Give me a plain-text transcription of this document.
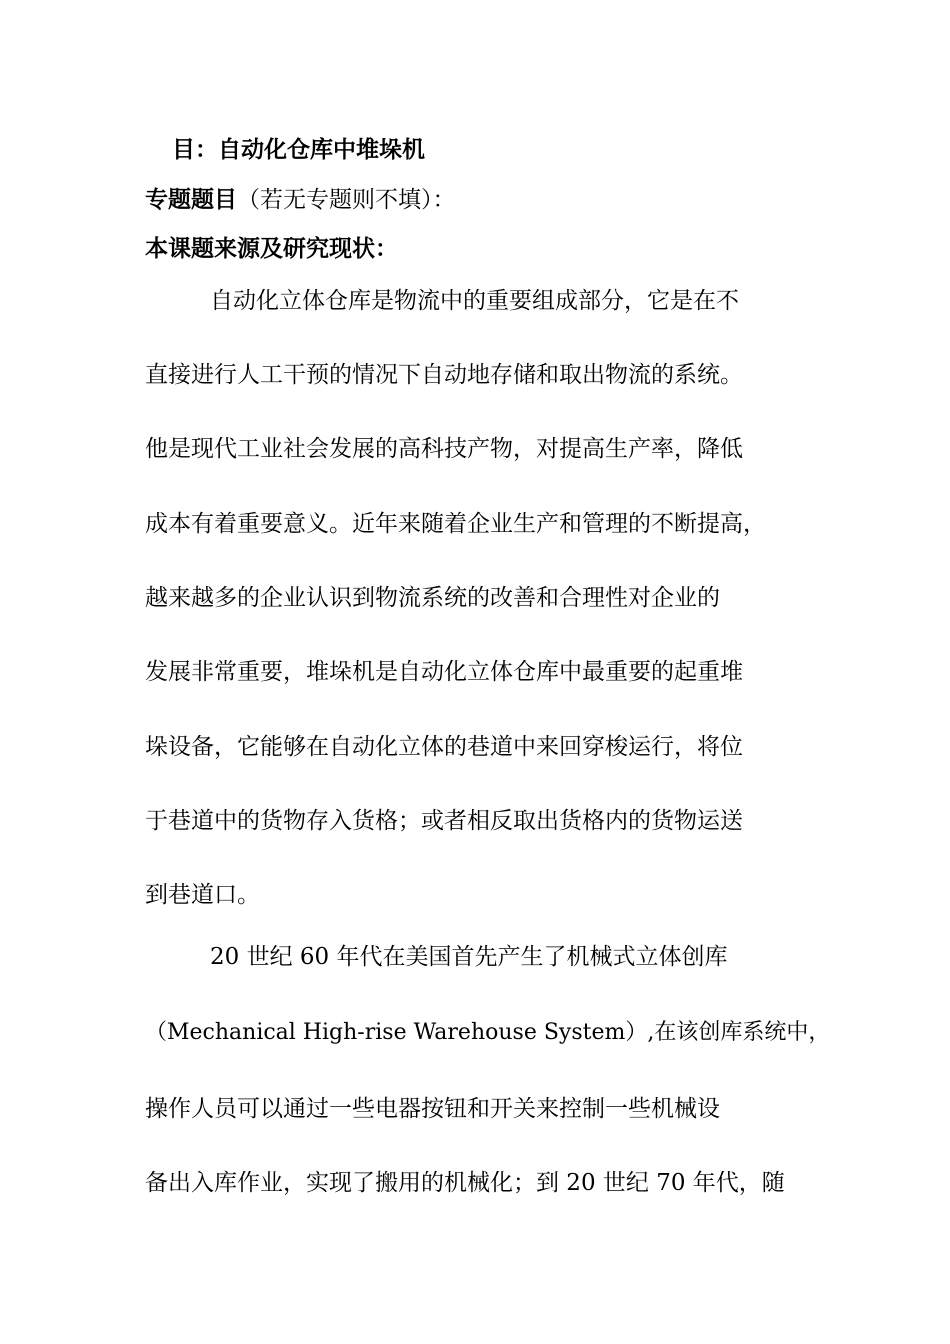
目：自动化仓库中堆垛机
专题题目（若无专题则不填）：
本课题来源及研究现状：
自动化立体仓库是物流中的重要组成部分，它是在不
直接进行人工干预的情况下自动地存储和取出物流的系统。
他是现代工业社会发展的高科技产物，对提高生产率，降低
成本有着重要意义。近年来随着企业生产和管理的不断提高，
越来越多的企业认识到物流系统的改善和合理性对企业的
发展非常重要，堆垛机是自动化立体仓库中最重要的起重堆
垛设备，它能够在自动化立体的巷道中来回穿梭运行，将位
于巷道中的货物存入货格；或者相反取出货格内的货物运送
到巷道口。
20 世纪 60 年代在美国首先产生了机械式立体创库
（Mechanical High-rise Warehouse System）,在该创库系统中，
操作人员可以通过一些电器按钮和开关来控制一些机械设
备出入库作业，实现了搬用的机械化；到 20 世纪 70 年代，随
